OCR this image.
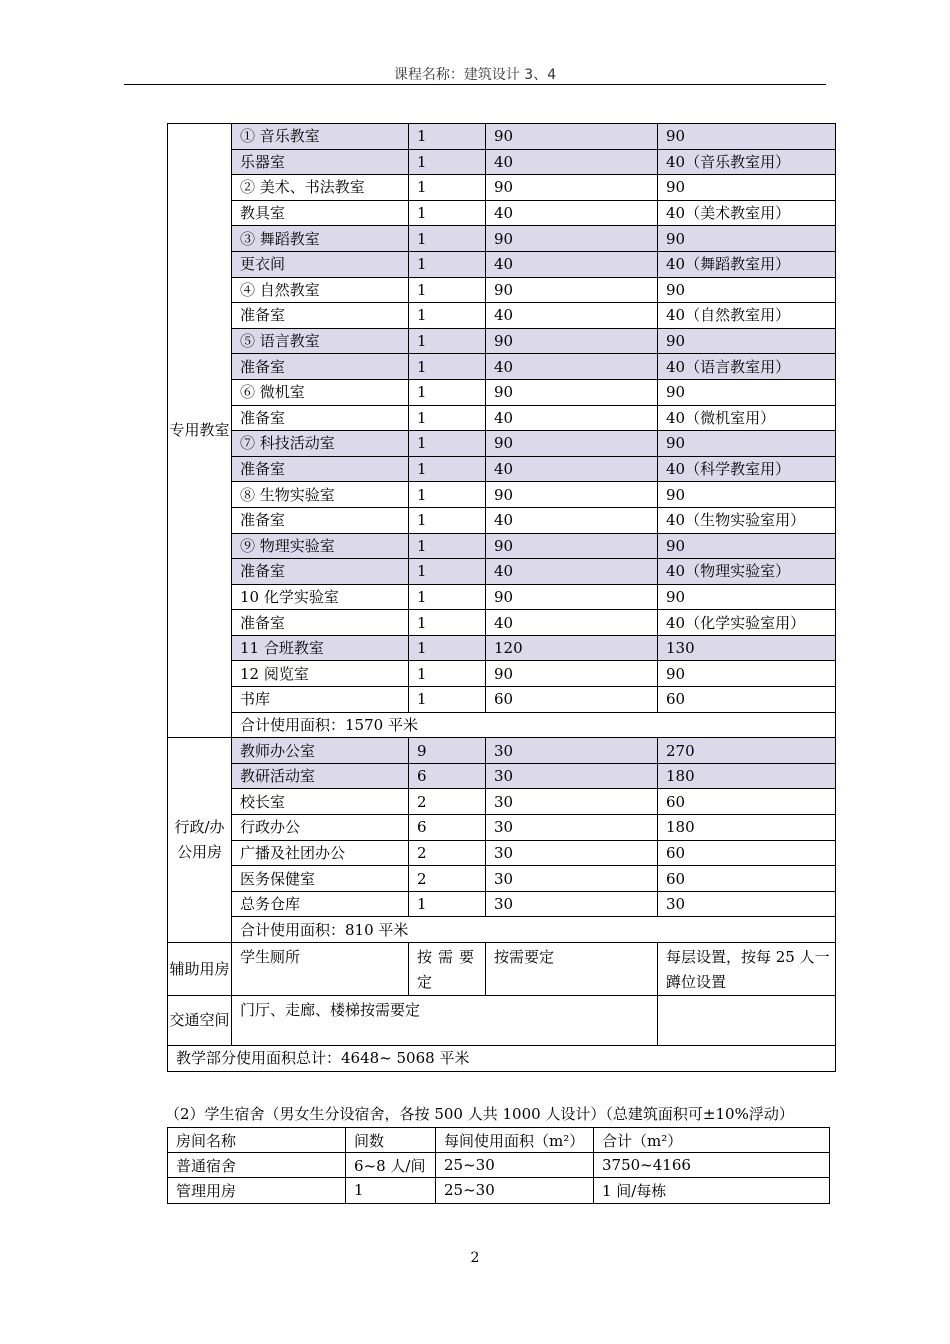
课程名称：建筑设计 3、4
专用教室	① 音乐教室	1	90	90
	乐器室	1	40	40（音乐教室用）
	② 美术、书法教室	1	90	90
	教具室	1	40	40（美术教室用）
	③ 舞蹈教室	1	90	90
	更衣间	1	40	40（舞蹈教室用）
	④ 自然教室	1	90	90
	准备室	1	40	40（自然教室用）
	⑤ 语言教室	1	90	90
	准备室	1	40	40（语言教室用）
	⑥ 微机室	1	90	90
	准备室	1	40	40（微机室用）
	⑦ 科技活动室	1	90	90
	准备室	1	40	40（科学教室用）
	⑧ 生物实验室	1	90	90
	准备室	1	40	40（生物实验室用）
	⑨ 物理实验室	1	90	90
	准备室	1	40	40（物理实验室）
	10 化学实验室	1	90	90
	准备室	1	40	40（化学实验室用）
	11 合班教室	1	120	130
	12 阅览室	1	90	90
	书库	1	60	60
	合计使用面积：1570 平米			
行政/办公用房	教师办公室	9	30	270
	教研活动室	6	30	180
	校长室	2	30	60
	行政办公	6	30	180
	广播及社团办公	2	30	60
	医务保健室	2	30	60
	总务仓库	1	30	30
	合计使用面积：810 平米			
辅助用房	学生厕所	按需要定	按需要定	每层设置，按每 25 人一蹲位设置
交通空间	门厅、走廊、楼梯按需要定			
教学部分使用面积总计：4648~ 5068 平米				
（2）学生宿舍（男女生分设宿舍，各按 500 人共 1000 人设计）（总建筑面积可±10%浮动）
房间名称	间数	每间使用面积（m²）	合计（m²）
普通宿舍	6~8 人/间	25~30	3750~4166
管理用房	1	25~30	1 间/每栋
2
